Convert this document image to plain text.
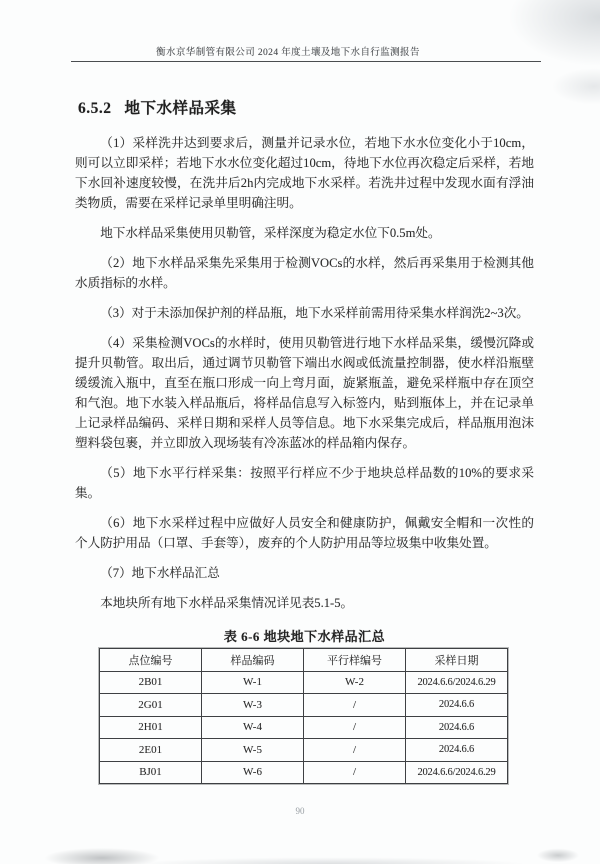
衡水京华制管有限公司 2024 年度土壤及地下水自行监测报告
6.5.2 地下水样品采集

（1）采样洗井达到要求后，测量并记录水位，若地下水水位变化小于10cm，则可以立即采样；若地下水水位变化超过10cm，待地下水位再次稳定后采样，若地下水回补速度较慢，在洗井后2h内完成地下水采样。若洗井过程中发现水面有浮油类物质，需要在采样记录单里明确注明。

地下水样品采集使用贝勒管，采样深度为稳定水位下0.5m处。

（2）地下水样品采集先采集用于检测VOCs的水样，然后再采集用于检测其他水质指标的水样。

（3）对于未添加保护剂的样品瓶，地下水采样前需用待采集水样润洗2~3次。

（4）采集检测VOCs的水样时，使用贝勒管进行地下水样品采集，缓慢沉降或提升贝勒管。取出后，通过调节贝勒管下端出水阀或低流量控制器，使水样沿瓶壁缓缓流入瓶中，直至在瓶口形成一向上弯月面，旋紧瓶盖，避免采样瓶中存在顶空和气泡。地下水装入样品瓶后，将样品信息写入标签内，贴到瓶体上，并在记录单上记录样品编码、采样日期和采样人员等信息。地下水采集完成后，样品瓶用泡沫塑料袋包裹，并立即放入现场装有冷冻蓝冰的样品箱内保存。

（5）地下水平行样采集：按照平行样应不少于地块总样品数的10%的要求采集。

（6）地下水采样过程中应做好人员安全和健康防护，佩戴安全帽和一次性的个人防护用品（口罩、手套等），废弃的个人防护用品等垃圾集中收集处置。

（7）地下水样品汇总

本地块所有地下水样品采集情况详见表5.1-5。

表 6-6 地块地下水样品汇总
点位编号	样品编码	平行样编号	采样日期
2B01	W-1	W-2	2024.6.6/2024.6.29
2G01	W-3	/	2024.6.6
2H01	W-4	/	2024.6.6
2E01	W-5	/	2024.6.6
BJ01	W-6	/	2024.6.6/2024.6.29
90
